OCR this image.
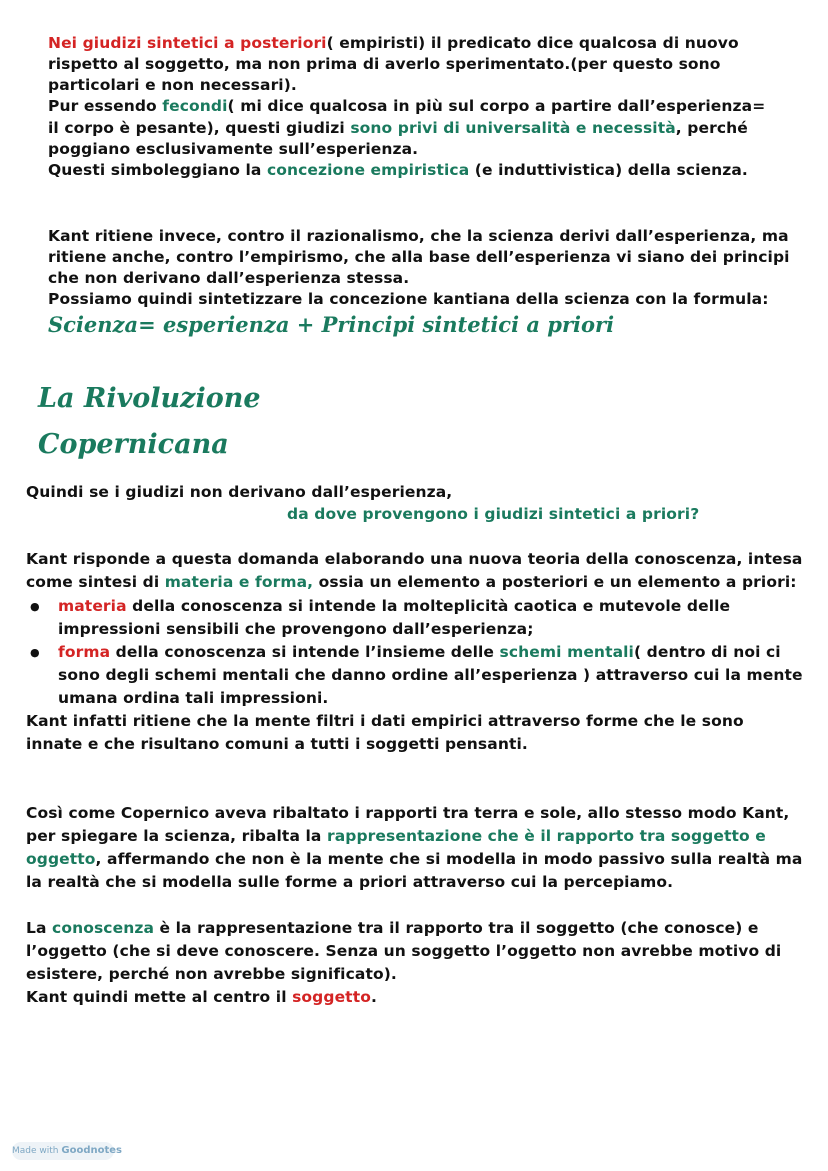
Nei giudizi sintetici a posteriori( empiristi) il predicato dice qualcosa di nuovo
rispetto al soggetto, ma non prima di averlo sperimentato.(per questo sono
particolari e non necessari).
Pur essendo fecondi( mi dice qualcosa in più sul corpo a partire dall’esperienza=
il corpo è pesante), questi giudizi sono privi di universalità e necessità, perché
poggiano esclusivamente sull’esperienza.
Questi simboleggiano la concezione empiristica (e induttivistica) della scienza.
Kant ritiene invece, contro il razionalismo, che la scienza derivi dall’esperienza, ma
ritiene anche, contro l’empirismo, che alla base dell’esperienza vi siano dei principi
che non derivano dall’esperienza stessa.
Possiamo quindi sintetizzare la concezione kantiana della scienza con la formula:
Scienza= esperienza + Principi sintetici a priori
La Rivoluzione
Copernicana
Quindi se i giudizi non derivano dall’esperienza,
da dove provengono i giudizi sintetici a priori?
Kant risponde a questa domanda elaborando una nuova teoria della conoscenza, intesa
come sintesi di materia e forma, ossia un elemento a posteriori e un elemento a priori:
● materia della conoscenza si intende la molteplicità caotica e mutevole delle
impressioni sensibili che provengono dall’esperienza;
● forma della conoscenza si intende l’insieme delle schemi mentali( dentro di noi ci
sono degli schemi mentali che danno ordine all’esperienza ) attraverso cui la mente
umana ordina tali impressioni.
Kant infatti ritiene che la mente filtri i dati empirici attraverso forme che le sono
innate e che risultano comuni a tutti i soggetti pensanti.
Così come Copernico aveva ribaltato i rapporti tra terra e sole, allo stesso modo Kant,
per spiegare la scienza, ribalta la rappresentazione che è il rapporto tra soggetto e
oggetto, affermando che non è la mente che si modella in modo passivo sulla realtà ma
la realtà che si modella sulle forme a priori attraverso cui la percepiamo.
La conoscenza è la rappresentazione tra il rapporto tra il soggetto (che conosce) e
l’oggetto (che si deve conoscere. Senza un soggetto l’oggetto non avrebbe motivo di
esistere, perché non avrebbe significato).
Kant quindi mette al centro il soggetto.
Made with Goodnotes
